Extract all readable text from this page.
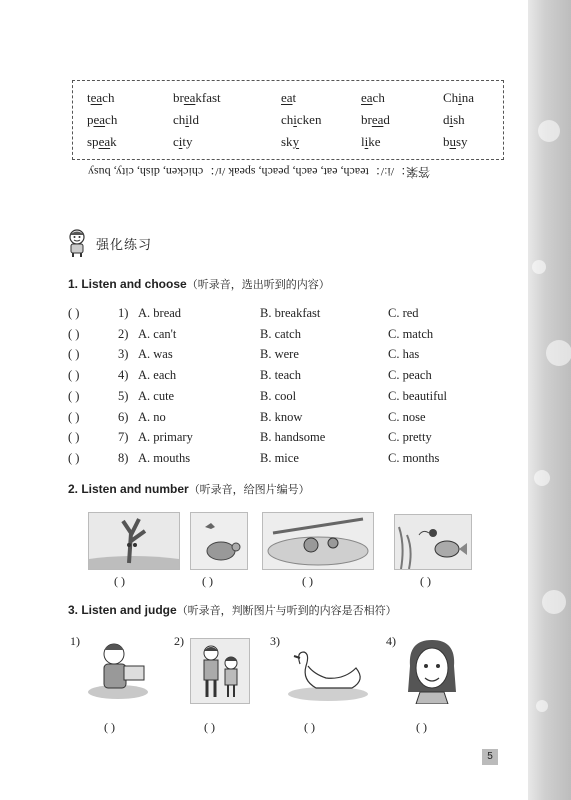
teach	breakfast	eat	each	China
peach	child	chicken	bread	dish
speak	city	sky	like	busy
答案：/iː/：teach, eat, each, peach, speak /ɪ/：chicken, dish, city, busy
强化练习
1. Listen and choose（听录音，选出听到的内容）
( )	1) A. bread	B. breakfast	C. red
( )	2) A. can't	B. catch	C. match
( )	3) A. was	B. were	C. has
( )	4) A. each	B. teach	C. peach
( )	5) A. cute	B. cool	C. beautiful
( )	6) A. no	B. know	C. nose
( )	7) A. primary	B. handsome	C. pretty
( )	8) A. mouths	B. mice	C. months
2. Listen and number（听录音，给图片编号）
( )	( )	( )	( )
3. Listen and judge（听录音，判断图片与听到的内容是否相符）
1)	2)	3)	4)
( )	( )	( )	( )
5
